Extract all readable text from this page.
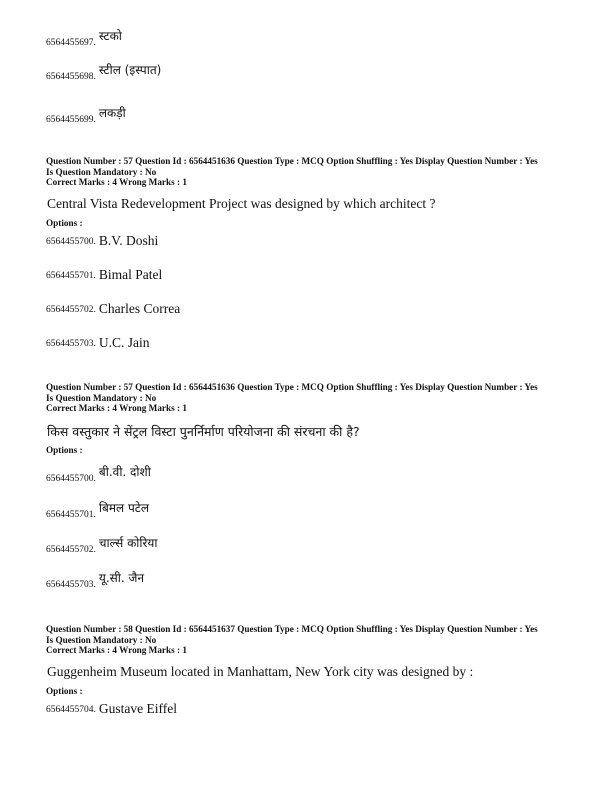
6564455697. स्टको
6564455698. स्टील (इस्पात)
6564455699. लकड़ी
Question Number : 57 Question Id : 6564451636 Question Type : MCQ Option Shuffling : Yes Display Question Number : Yes
Is Question Mandatory : No
Correct Marks : 4 Wrong Marks : 1
Central Vista Redevelopment Project was designed by which architect ?
Options :
6564455700. B.V. Doshi
6564455701. Bimal Patel
6564455702. Charles Correa
6564455703. U.C. Jain
Question Number : 57 Question Id : 6564451636 Question Type : MCQ Option Shuffling : Yes Display Question Number : Yes
Is Question Mandatory : No
Correct Marks : 4 Wrong Marks : 1
किस वस्तुकार ने सेंट्रल विस्टा पुनर्निर्माण परियोजना की संरचना की है?
Options :
6564455700. बी.वी. दोशी
6564455701. बिमल पटेल
6564455702. चार्ल्स कोरिया
6564455703. यू.सी. जैन
Question Number : 58 Question Id : 6564451637 Question Type : MCQ Option Shuffling : Yes Display Question Number : Yes
Is Question Mandatory : No
Correct Marks : 4 Wrong Marks : 1
Guggenheim Museum located in Manhattam, New York city was designed by :
Options :
6564455704. Gustave Eiffel
